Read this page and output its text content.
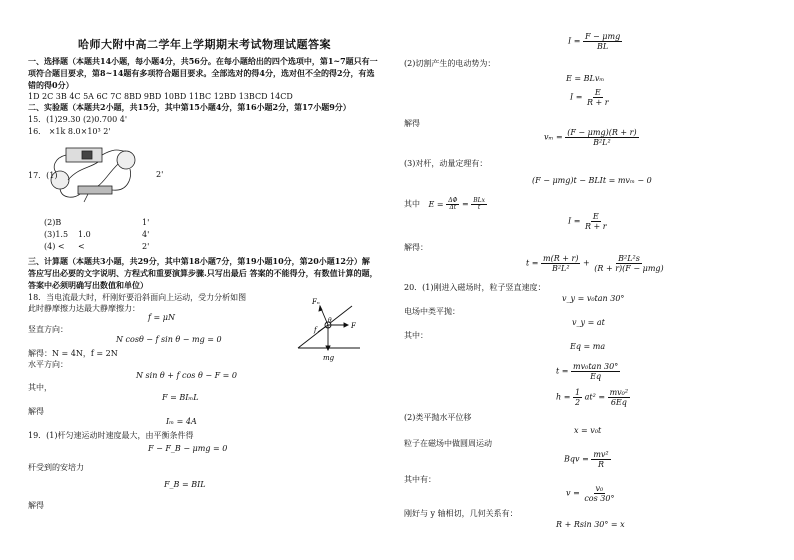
哈师大附中高二学年上学期期末考试物理试题答案
一、选择题（本题共14小题，每小题4分，共56分。在每小题给出的四个选项中，第1~7题只有一
项符合题目要求，第8~14题有多项符合题目要求。全部选对的得4分，选对但不全的得2分，有选
错的得0分）
1D 2C 3B 4C 5A 6C 7C 8BD 9BD 10BD 11BC 12BD 13BCD 14CD
二、实验题（本题共2小题，共15分，其中第15小题4分，第16小题2分，第17小题9分）
15．(1)29.30 (2)0.700 4'
16． ×1k 8.0×10³ 2'
17．(1)	2'
(2)B	1'
(3)1.5 1.0	4'
(4) < <	2'
三、计算题（本题共3小题，共29分，其中第18小题7分，第19小题10分，第20小题12分）解
答应写出必要的文字说明、方程式和重要演算步骤.只写出最后 答案的不能得分，有数值计算的题，
答案中必须明确写出数值和单位）
18．当电流最大时，杆刚好要沿斜面向上运动，受力分析如图
此时静摩擦力达最大静摩擦力：
f = μN
竖直方向：
N cosθ − f sin θ − mg = 0
解得：N = 4N，f = 2N
水平方向：
N sin θ + f cos θ − F = 0
其中，
F = BIₘL
解得
Iₘ = 4A
Fₙ
θ
f	F
mg
19．(1)杆匀速运动时速度最大，由平衡条件得
F − F_B − μmg = 0
杆受到的安培力
F_B = BIL
解得
$I = \frac{\text{F − μmg}}{BL}$
(2)切割产生的电动势为：
E = BLvₘ
$I = \frac{E}{R + r}$
解得
$v_m = \frac{\text{(F − μmg)(R + r)}}{\text{B²L²}}$
(3)对杆，动量定理有：
(F − μmg)t − BLIt = mvₘ − 0
其中 $E = \frac{\Delta\Phi}{\Delta t} = \frac{\text{BLx}}{t}$
$I = \frac{E}{R + r}$
解得：
$t = \frac{m(R + r)}{\text{B²L²}} + \frac{\text{B²L²s}}{\text{(R + r)(F − μmg)}}$
20．(1)刚进入磁场时，粒子竖直速度：
v_y = v₀tan 30°
电场中类平抛：
v_y = at
其中：
Eq = ma
$t = \frac{\text{mv₀tan 30°}}{Eq}$
$h = \frac{1}{2} at^2 = \frac{\text{mv₀²}}{6Eq}$
(2)类平抛水平位移
x = v₀t
粒子在磁场中做圆周运动
Bqv = $\frac{\text{mv²}}{R}$
其中有：
$v = \frac{\text{v₀}}{\cos 30^\circ}$
刚好与 y 轴相切，几何关系有：
R + Rsin 30° = x
